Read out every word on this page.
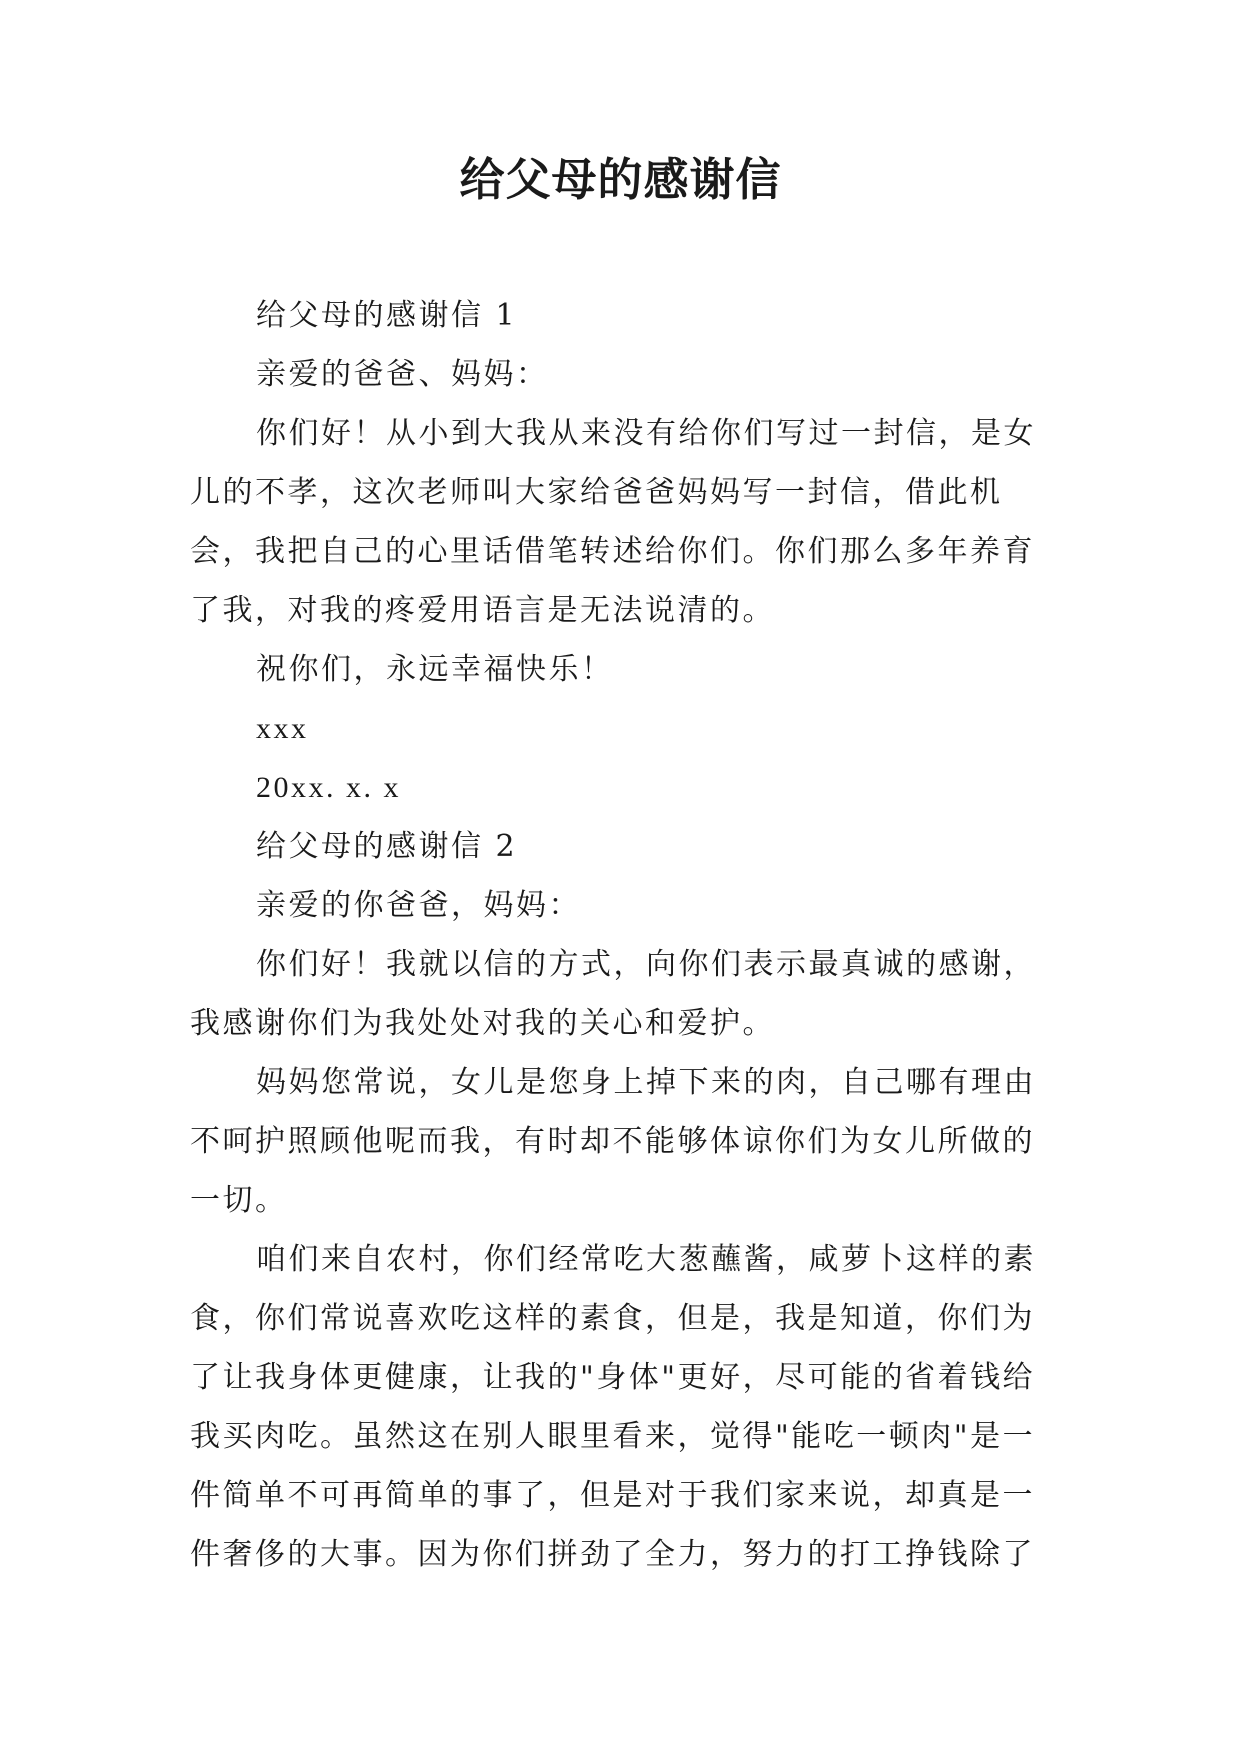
给父母的感谢信

给父母的感谢信 1

亲爱的爸爸、妈妈：

你们好！从小到大我从来没有给你们写过一封信，是女儿的不孝，这次老师叫大家给爸爸妈妈写一封信，借此机会，我把自己的心里话借笔转述给你们。你们那么多年养育了我，对我的疼爱用语言是无法说清的。

祝你们，永远幸福快乐！

xxx

20xx. x. x

给父母的感谢信 2

亲爱的你爸爸，妈妈：

你们好！我就以信的方式，向你们表示最真诚的感谢，我感谢你们为我处处对我的关心和爱护。

妈妈您常说，女儿是您身上掉下来的肉，自己哪有理由不呵护照顾他呢而我，有时却不能够体谅你们为女儿所做的一切。

咱们来自农村，你们经常吃大葱蘸酱，咸萝卜这样的素食，你们常说喜欢吃这样的素食，但是，我是知道，你们为了让我身体更健康，让我的"身体"更好，尽可能的省着钱给我买肉吃。虽然这在别人眼里看来，觉得"能吃一顿肉"是一件简单不可再简单的事了，但是对于我们家来说，却真是一件奢侈的大事。因为你们拼劲了全力，努力的打工挣钱除了
